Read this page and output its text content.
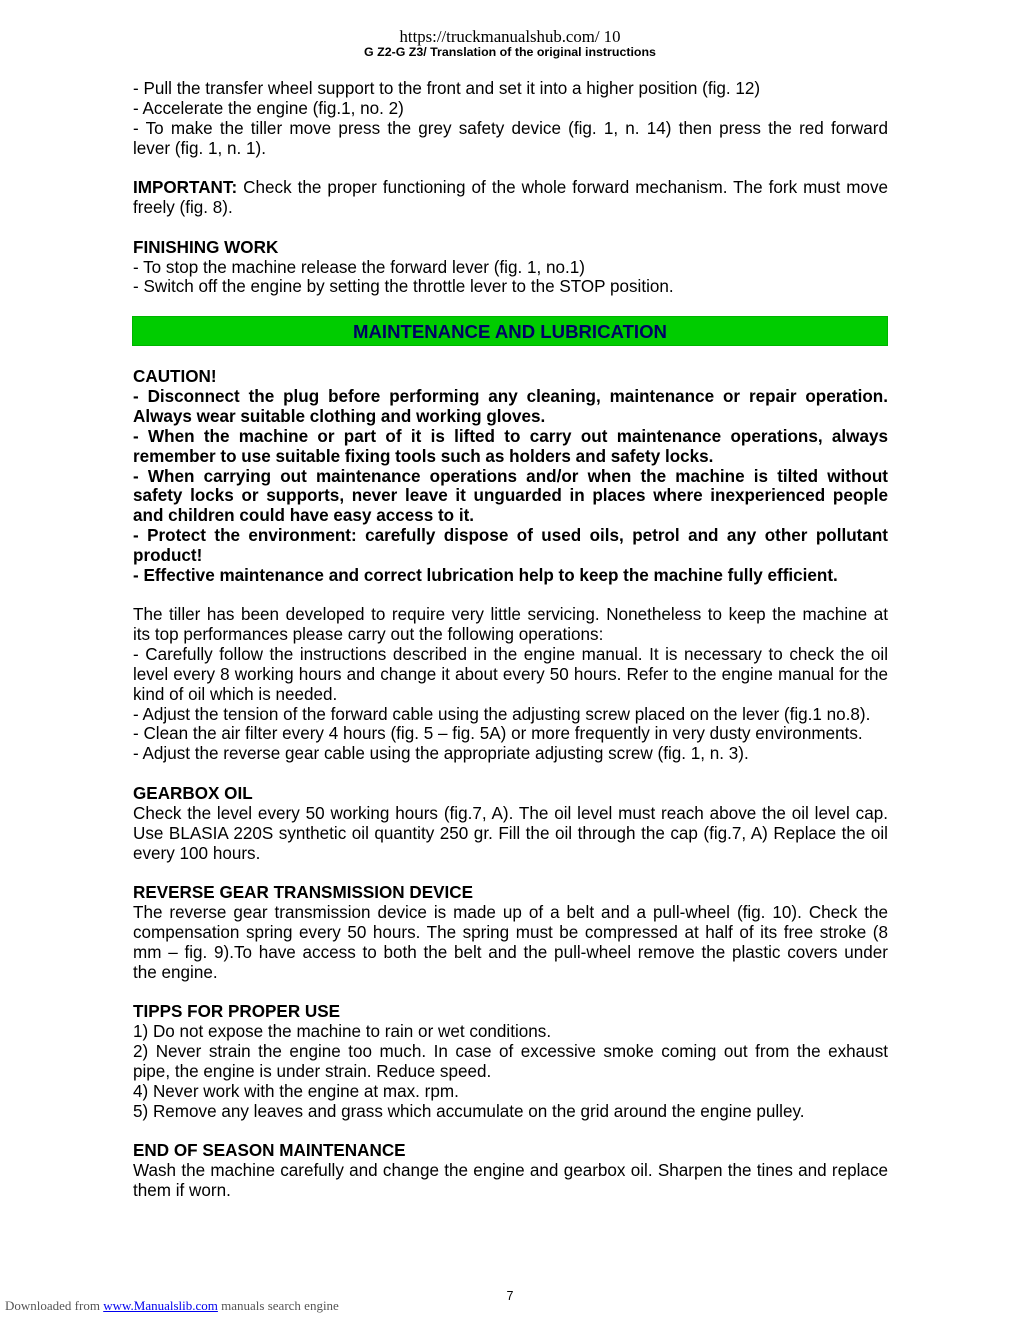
https://truckmanualshub.com/ 10
G Z2-G Z3/ Translation of the original instructions
- Pull the transfer wheel support to the front and set it into a higher position (fig. 12)
- Accelerate the engine (fig.1, no. 2)
- To make the tiller move press the grey safety device (fig. 1, n. 14) then press the red forward
lever (fig. 1, n. 1).
IMPORTANT: Check the proper functioning of the whole forward mechanism. The fork must move
freely (fig. 8).
FINISHING WORK
- To stop the machine release the forward lever (fig. 1, no.1)
- Switch off the engine by setting the throttle lever to the STOP position.
MAINTENANCE AND LUBRICATION
CAUTION!
- Disconnect the plug before performing any cleaning, maintenance or repair operation.
Always wear suitable clothing and working gloves.
- When the machine or part of it is lifted to carry out maintenance operations, always
remember to use suitable fixing tools such as holders and safety locks.
- When carrying out maintenance operations and/or when the machine is tilted without
safety locks or supports, never leave it unguarded in places where inexperienced people
and children could have easy access to it.
- Protect the environment: carefully dispose of used oils, petrol and any other pollutant
product!
- Effective maintenance and correct lubrication help to keep the machine fully efficient.
The tiller has been developed to require very little servicing. Nonetheless to keep the machine at
its top performances please carry out the following operations:
- Carefully follow the instructions described in the engine manual. It is necessary to check the oil
level every 8 working hours and change it about every 50 hours. Refer to the engine manual for the
kind of oil which is needed.
- Adjust the tension of the forward cable using the adjusting screw placed on the lever (fig.1 no.8).
- Clean the air filter every 4 hours (fig. 5 – fig. 5A) or more frequently in very dusty environments.
- Adjust the reverse gear cable using the appropriate adjusting screw (fig. 1, n. 3).
GEARBOX OIL
Check the level every 50 working hours (fig.7, A). The oil level must reach above the oil level cap.
Use BLASIA 220S synthetic oil quantity 250 gr. Fill the oil through the cap (fig.7, A) Replace the oil
every 100 hours.
REVERSE GEAR TRANSMISSION DEVICE
The reverse gear transmission device is made up of a belt and a pull-wheel (fig. 10). Check the
compensation spring every 50 hours. The spring must be compressed at half of its free stroke (8
mm – fig. 9).To have access to both the belt and the pull-wheel remove the plastic covers under
the engine.
TIPPS FOR PROPER USE
1) Do not expose the machine to rain or wet conditions.
2) Never strain the engine too much. In case of excessive smoke coming out from the exhaust
pipe, the engine is under strain. Reduce speed.
4) Never work with the engine at max. rpm.
5) Remove any leaves and grass which accumulate on the grid around the engine pulley.
END OF SEASON MAINTENANCE
Wash the machine carefully and change the engine and gearbox oil. Sharpen the tines and replace
them if worn.
7
Downloaded from www.Manualslib.com manuals search engine
